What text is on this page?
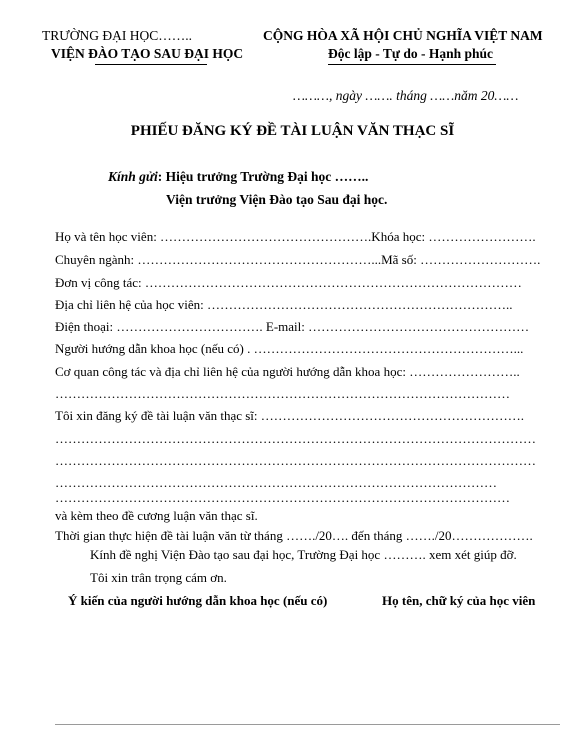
TRƯỜNG ĐẠI HỌC……..
VIỆN ĐÀO TẠO SAU ĐẠI HỌC
CỘNG HÒA XÃ HỘI CHỦ NGHĨA VIỆT NAM
Độc lập - Tự do - Hạnh phúc
………, ngày ……. tháng ……năm 20……
PHIẾU ĐĂNG KÝ ĐỀ TÀI LUẬN VĂN THẠC SĨ
Kính gửi: Hiệu trưởng Trường Đại học ……..
Viện trưởng Viện Đào tạo Sau đại học.
Họ và tên học viên: ………………………………………….Khóa học: …………………….
Chuyên ngành: ………………………………………………...Mã số: ……………………….
Đơn vị công tác: ……………………………………………………………………………
Địa chỉ liên hệ của học viên: ……………………………………………………………..
Điện thoại: ……………………………. E-mail: ……………………………………………
Người hướng dẫn khoa học (nếu có) . ……………………………………………………...
Cơ quan công tác và địa chỉ liên hệ của người hướng dẫn khoa học: ……………………..
……………………………………………………………………………………………
Tôi xin đăng ký đề tài luận văn thạc sĩ: …………………………………………………….
…………………………………………………………………………………………………
…………………………………………………………………………………………………
…………………………………………………………………………………………
……………………………………………………………………………………………
và kèm theo đề cương luận văn thạc sĩ.
Thời gian thực hiện đề tài luận văn từ tháng ……./20…. đến tháng ……./20……………….
Kính đề nghị Viện Đào tạo sau đại học, Trường Đại học ………. xem xét giúp đỡ.
Tôi xin trân trọng cám ơn.
Ý kiến của người hướng dẫn khoa học (nếu có)	Họ tên, chữ ký của học viên
